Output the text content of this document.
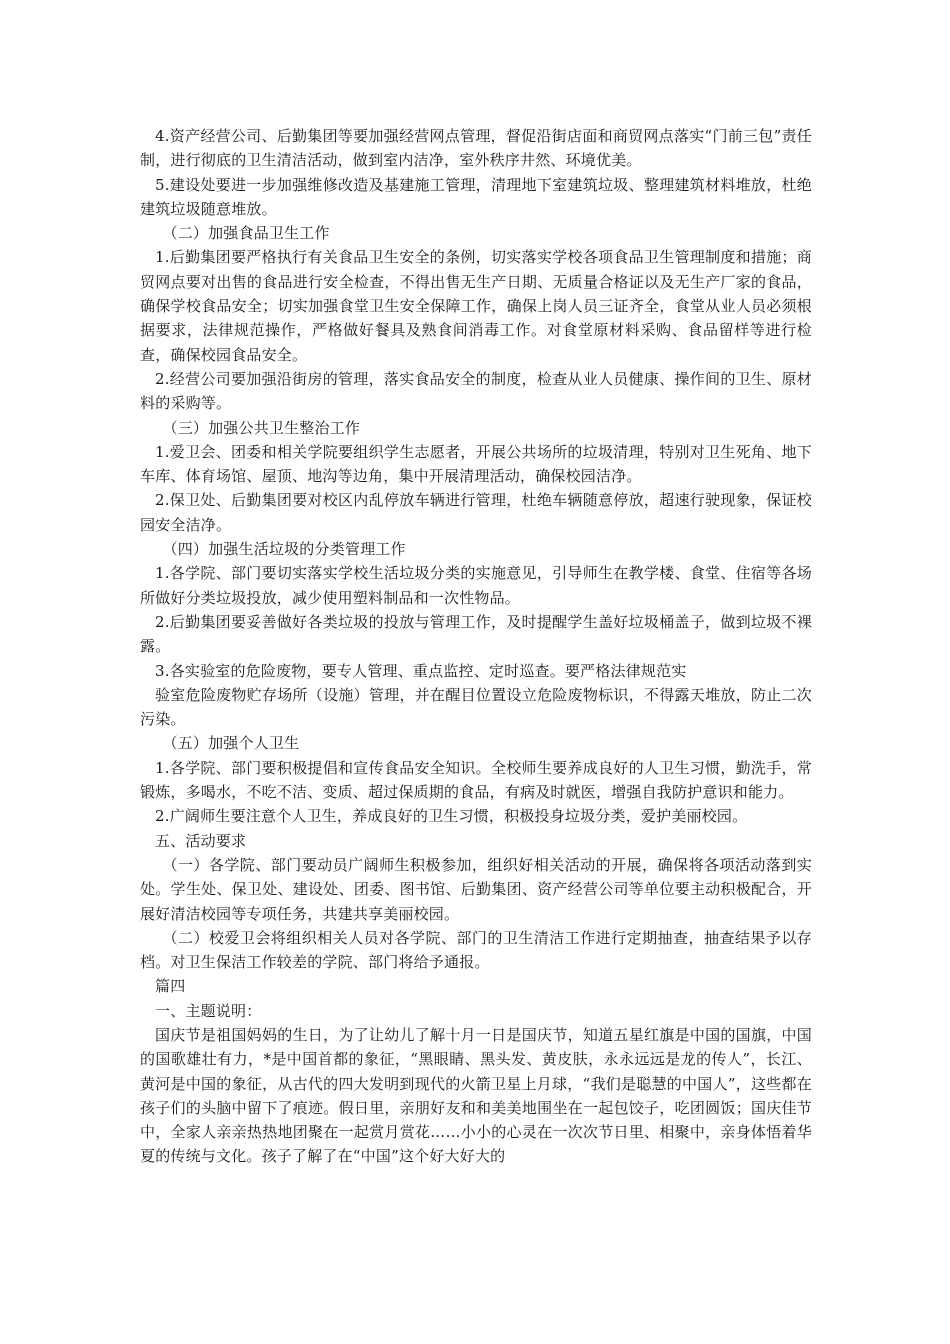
4.资产经营公司、后勤集团等要加强经营网点管理，督促沿街店面和商贸网点落实“门前三包”责任制，进行彻底的卫生清洁活动，做到室内洁净，室外秩序井然、环境优美。

5.建设处要进一步加强维修改造及基建施工管理，清理地下室建筑垃圾、整理建筑材料堆放，杜绝建筑垃圾随意堆放。

（二）加强食品卫生工作

1.后勤集团要严格执行有关食品卫生安全的条例，切实落实学校各项食品卫生管理制度和措施；商贸网点要对出售的食品进行安全检查，不得出售无生产日期、无质量合格证以及无生产厂家的食品，确保学校食品安全；切实加强食堂卫生安全保障工作，确保上岗人员三证齐全，食堂从业人员必须根据要求，法律规范操作，严格做好餐具及熟食间消毒工作。对食堂原材料采购、食品留样等进行检查，确保校园食品安全。

2.经营公司要加强沿街房的管理，落实食品安全的制度，检查从业人员健康、操作间的卫生、原材料的采购等。

（三）加强公共卫生整治工作

1.爱卫会、团委和相关学院要组织学生志愿者，开展公共场所的垃圾清理，特别对卫生死角、地下车库、体育场馆、屋顶、地沟等边角，集中开展清理活动，确保校园洁净。

2.保卫处、后勤集团要对校区内乱停放车辆进行管理，杜绝车辆随意停放，超速行驶现象，保证校园安全洁净。

（四）加强生活垃圾的分类管理工作

1.各学院、部门要切实落实学校生活垃圾分类的实施意见，引导师生在教学楼、食堂、住宿等各场所做好分类垃圾投放，减少使用塑料制品和一次性物品。

2.后勤集团要妥善做好各类垃圾的投放与管理工作，及时提醒学生盖好垃圾桶盖子，做到垃圾不裸露。

3.各实验室的危险废物，要专人管理、重点监控、定时巡查。要严格法律规范实

验室危险废物贮存场所（设施）管理，并在醒目位置设立危险废物标识，不得露天堆放，防止二次污染。

（五）加强个人卫生

1.各学院、部门要积极提倡和宣传食品安全知识。全校师生要养成良好的人卫生习惯，勤洗手，常锻炼，多喝水，不吃不洁、变质、超过保质期的食品，有病及时就医，增强自我防护意识和能力。

2.广阔师生要注意个人卫生，养成良好的卫生习惯，积极投身垃圾分类，爱护美丽校园。

五、活动要求

（一）各学院、部门要动员广阔师生积极参加，组织好相关活动的开展，确保将各项活动落到实处。学生处、保卫处、建设处、团委、图书馆、后勤集团、资产经营公司等单位要主动积极配合，开展好清洁校园等专项任务，共建共享美丽校园。

（二）校爱卫会将组织相关人员对各学院、部门的卫生清洁工作进行定期抽查，抽查结果予以存档。对卫生保洁工作较差的学院、部门将给予通报。

篇四

一、主题说明：

国庆节是祖国妈妈的生日，为了让幼儿了解十月一日是国庆节，知道五星红旗是中国的国旗，中国的国歌雄壮有力，*是中国首都的象征，“黑眼睛、黑头发、黄皮肤，永永远远是龙的传人”，长江、黄河是中国的象征，从古代的四大发明到现代的火箭卫星上月球，“我们是聪慧的中国人”，这些都在孩子们的头脑中留下了痕迹。假日里，亲朋好友和和美美地围坐在一起包饺子，吃团圆饭；国庆佳节中，全家人亲亲热热地团聚在一起赏月赏花……小小的心灵在一次次节日里、相聚中，亲身体悟着华夏的传统与文化。孩子了解了在“中国”这个好大好大的
